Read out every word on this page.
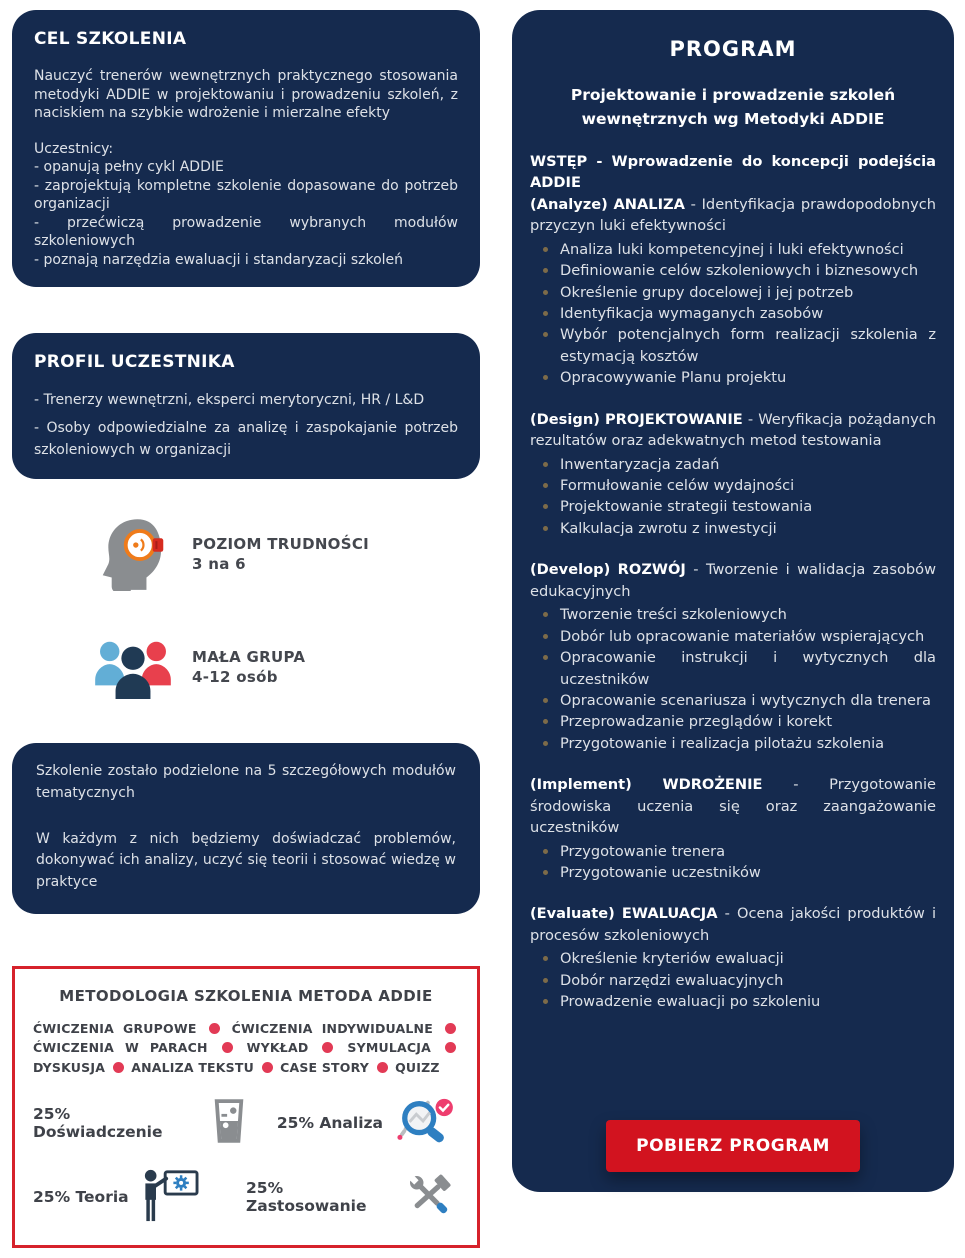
CEL SZKOLENIA

Nauczyć trenerów wewnętrznych praktycznego stosowania metodyki ADDIE w projektowaniu i prowadzeniu szkoleń, z naciskiem na szybkie wdrożenie i mierzalne efekty

Uczestnicy:

- opanują pełny cykl ADDIE

- zaprojektują kompletne szkolenie dopasowane do potrzeb organizacji

- przećwiczą prowadzenie wybranych modułów szkoleniowych

- poznają narzędzia ewaluacji i standaryzacji szkoleń

PROFIL UCZESTNIKA

- Trenerzy wewnętrzni, eksperci merytoryczni, HR / L&D

- Osoby odpowiedzialne za analizę i zaspokajanie potrzeb szkoleniowych w organizacji

POZIOM TRUDNOŚCI
3 na 6
MAŁA GRUPA
4-12 osób

Szkolenie zostało podzielone na 5 szczegółowych modułów tematycznych

W każdym z nich będziemy doświadczać problemów, dokonywać ich analizy, uczyć się teorii i stosować wiedzę w praktyce

METODOLOGIA SZKOLENIA METODA ADDIE

ĆWICZENIA GRUPOWE	ĆWICZENIA INDYWIDUALNE  ĆWICZENIA W PARACH	WYKŁAD	SYMULACJA  DYSKUSJA ANALIZA TEKSTU CASE STORY QUIZZ

25% Doświadczenie	25% Analiza
25% Teoria	25% Zastosowanie
PROGRAM
Projektowanie i prowadzenie szkoleń wewnętrznych wg Metodyki ADDIE

WSTĘP - Wprowadzenie do koncepcji podejścia ADDIE

(Analyze) ANALIZA - Identyfikacja prawdopodobnych przyczyn luki efektywności

Analiza luki kompetencyjnej i luki efektywności
Definiowanie celów szkoleniowych i biznesowych
Określenie grupy docelowej i jej potrzeb
Identyfikacja wymaganych zasobów
Wybór potencjalnych form realizacji szkolenia z estymacją kosztów
Opracowywanie Planu projektu

(Design) PROJEKTOWANIE - Weryfikacja pożądanych rezultatów oraz adekwatnych metod testowania

Inwentaryzacja zadań
Formułowanie celów wydajności
Projektowanie strategii testowania
Kalkulacja zwrotu z inwestycji

(Develop) ROZWÓJ - Tworzenie i walidacja zasobów edukacyjnych

Tworzenie treści szkoleniowych
Dobór lub opracowanie materiałów wspierających
Opracowanie instrukcji i wytycznych dla uczestników
Opracowanie scenariusza i wytycznych dla trenera
Przeprowadzanie przeglądów i korekt
Przygotowanie i realizacja pilotażu szkolenia

(Implement) WDROŻENIE - Przygotowanie środowiska uczenia się oraz zaangażowanie uczestników

Przygotowanie trenera
Przygotowanie uczestników

(Evaluate) EWALUACJA - Ocena jakości produktów i procesów szkoleniowych

Określenie kryteriów ewaluacji
Dobór narzędzi ewaluacyjnych
Prowadzenie ewaluacji po szkoleniu
POBIERZ PROGRAM
